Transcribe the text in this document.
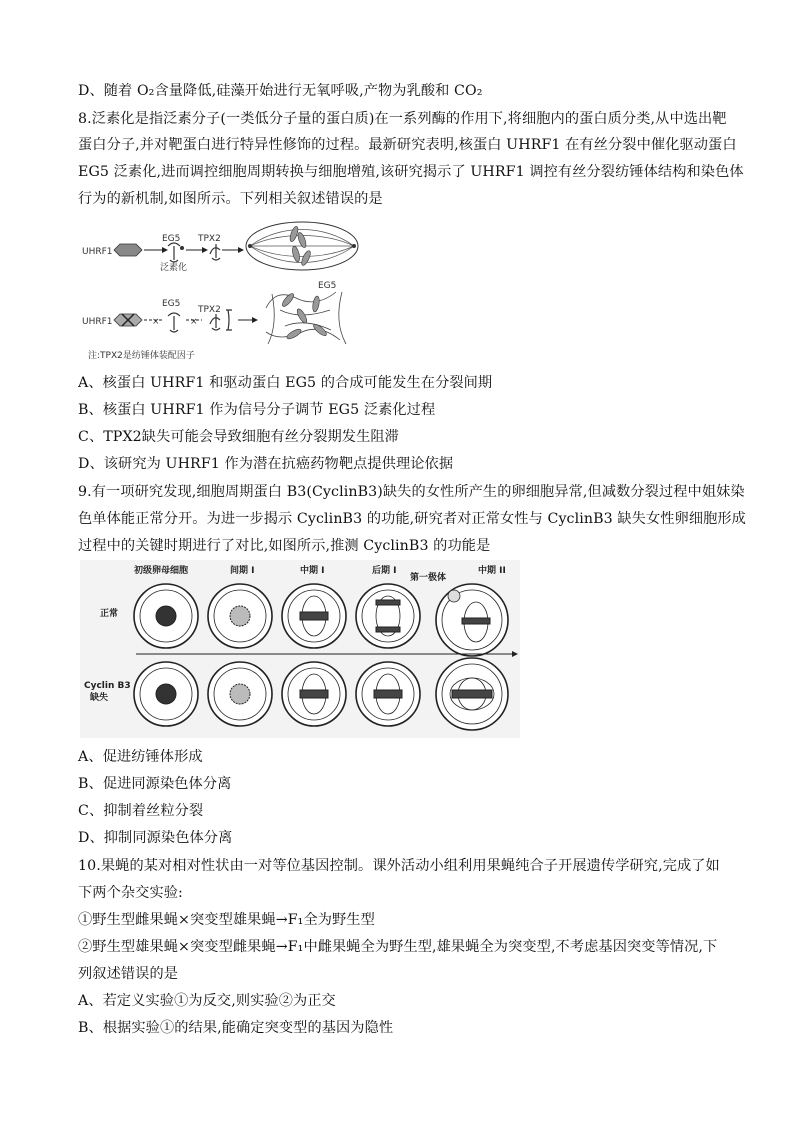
D、随着 O₂含量降低,硅藻开始进行无氧呼吸,产物为乳酸和 CO₂
8.泛素化是指泛素分子(一类低分子量的蛋白质)在一系列酶的作用下,将细胞内的蛋白质分类,从中选出靶
蛋白分子,并对靶蛋白进行特异性修饰的过程。最新研究表明,核蛋白 UHRF1 在有丝分裂中催化驱动蛋白
EG5 泛素化,进而调控细胞周期转换与细胞增殖,该研究揭示了 UHRF1 调控有丝分裂纺锤体结构和染色体
行为的新机制,如图所示。下列相关叙述错误的是
UHRF1
EG5
泛素化
TPX2
UHRF1	×
EG5
×
TPX2
EG5
注:TPX2是纺锤体装配因子
A、核蛋白 UHRF1 和驱动蛋白 EG5 的合成可能发生在分裂间期
B、核蛋白 UHRF1 作为信号分子调节 EG5 泛素化过程
C、TPX2缺失可能会导致细胞有丝分裂期发生阻滞
D、该研究为 UHRF1 作为潜在抗癌药物靶点提供理论依据
9.有一项研究发现,细胞周期蛋白 B3(CyclinB3)缺失的女性所产生的卵细胞异常,但减数分裂过程中姐妹染
色单体能正常分开。为进一步揭示 CyclinB3 的功能,研究者对正常女性与 CyclinB3 缺失女性卵细胞形成
过程中的关键时期进行了对比,如图所示,推测 CyclinB3 的功能是
初级卵母细胞	间期 I	中期 I	后期 I	中期 II
正常
Cyclin B3
缺失
第一极体
A、促进纺锤体形成
B、促进同源染色体分离
C、抑制着丝粒分裂
D、抑制同源染色体分离
10.果蝇的某对相对性状由一对等位基因控制。课外活动小组利用果蝇纯合子开展遗传学研究,完成了如
下两个杂交实验:
①野生型雌果蝇×突变型雄果蝇→F₁全为野生型
②野生型雄果蝇×突变型雌果蝇→F₁中雌果蝇全为野生型,雄果蝇全为突变型,不考虑基因突变等情况,下
列叙述错误的是
A、若定义实验①为反交,则实验②为正交
B、根据实验①的结果,能确定突变型的基因为隐性
